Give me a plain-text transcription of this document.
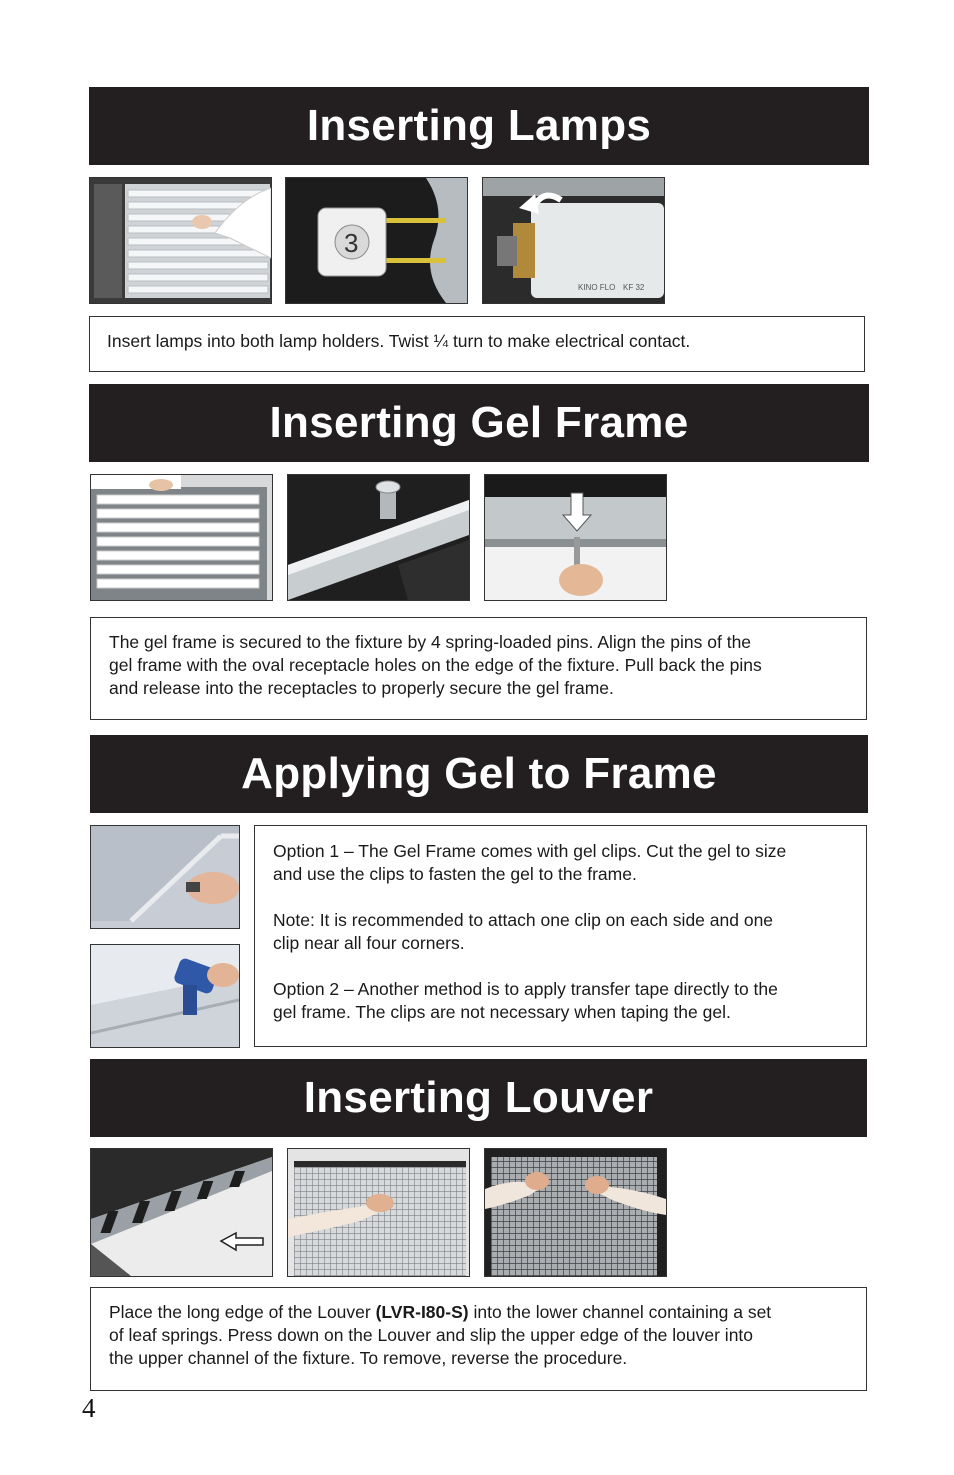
Inserting Lamps
3
KINO FLO KF 32

Insert lamps into both lamp holders. Twist ¼ turn to make electrical contact.

Inserting Gel Frame

The gel frame is secured to the fixture by 4 spring-loaded pins. Align the pins of the

gel frame with the oval receptacle holes on the edge of the fixture. Pull back the pins

and release into the receptacles to properly secure the gel frame.

Applying Gel to Frame

Option 1 – The Gel Frame comes with gel clips. Cut the gel to size

and use the clips to fasten the gel to the frame.

Note: It is recommended to attach one clip on each side and one

clip near all four corners.

Option 2 – Another method is to apply transfer tape directly to the

gel frame. The clips are not necessary when taping the gel.

Inserting Louver

Place the long edge of the Louver (LVR-I80-S) into the lower channel containing a set

of leaf springs. Press down on the Louver and slip the upper edge of the louver into

the upper channel of the fixture. To remove, reverse the procedure.

4
